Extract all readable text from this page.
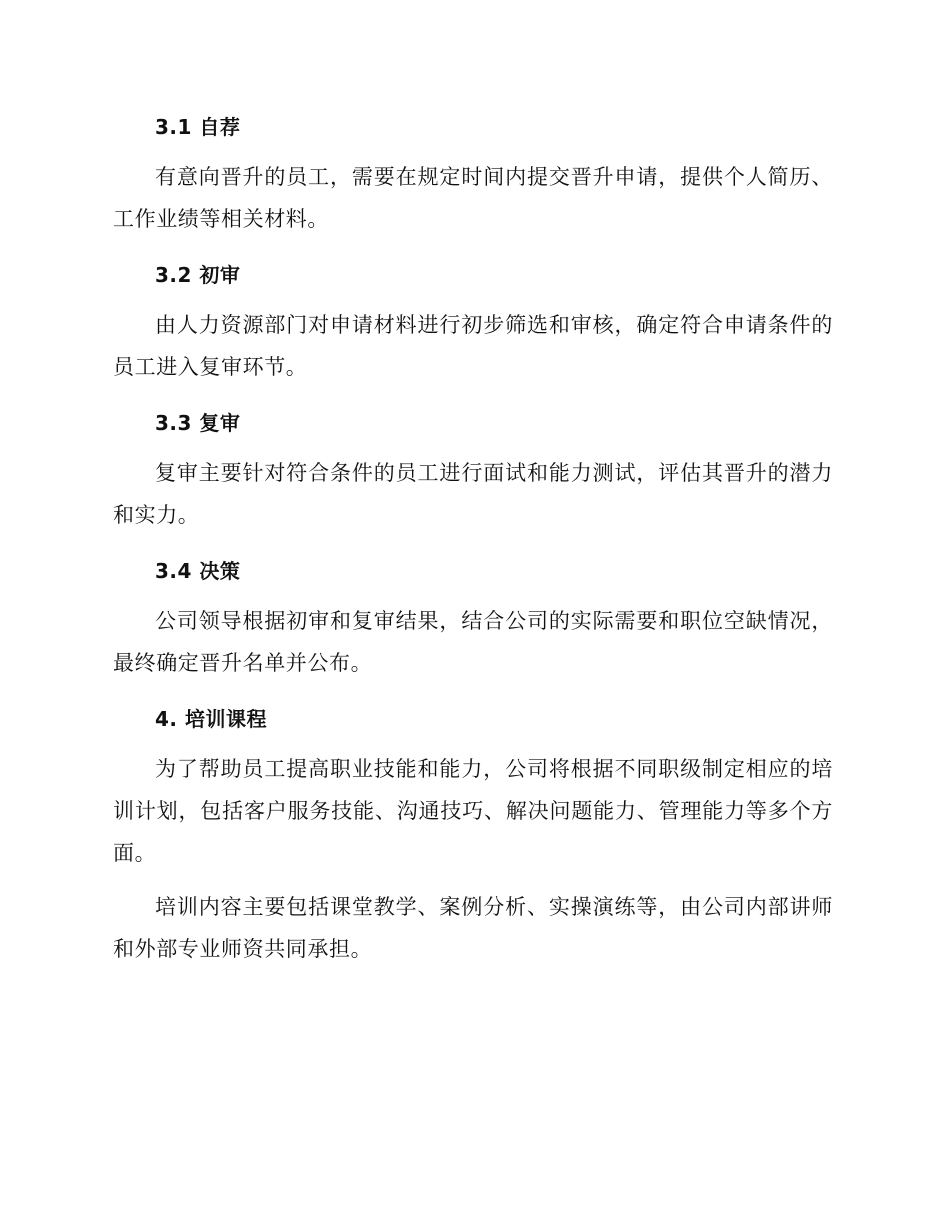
3.1 自荐

有意向晋升的员工，需要在规定时间内提交晋升申请，提供个人简历、工作业绩等相关材料。

3.2 初审

由人力资源部门对申请材料进行初步筛选和审核，确定符合申请条件的员工进入复审环节。

3.3 复审

复审主要针对符合条件的员工进行面试和能力测试，评估其晋升的潜力和实力。

3.4 决策

公司领导根据初审和复审结果，结合公司的实际需要和职位空缺情况，最终确定晋升名单并公布。

4. 培训课程

为了帮助员工提高职业技能和能力，公司将根据不同职级制定相应的培训计划，包括客户服务技能、沟通技巧、解决问题能力、管理能力等多个方面。

培训内容主要包括课堂教学、案例分析、实操演练等，由公司内部讲师和外部专业师资共同承担。
